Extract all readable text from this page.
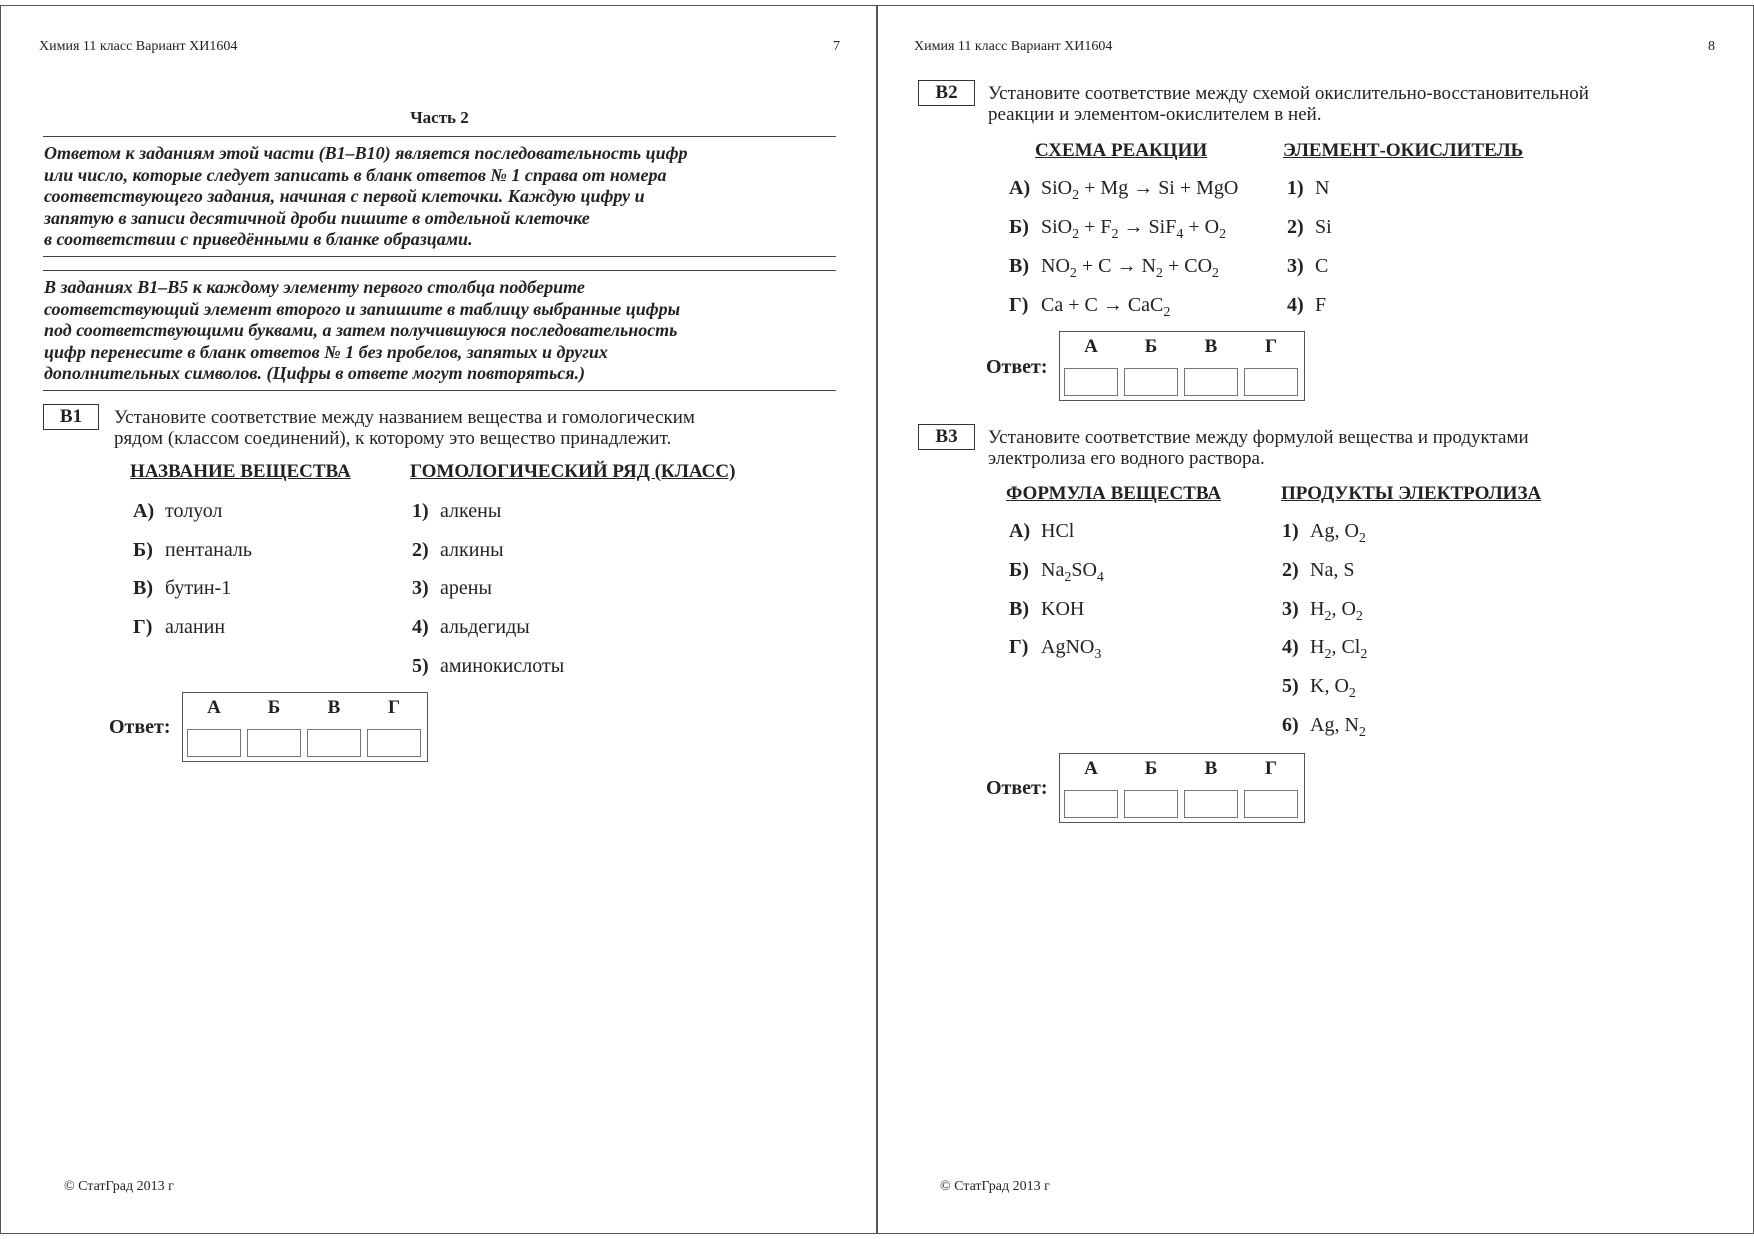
Химия 11 класс Вариант ХИ1604	7
Часть 2
Ответом к заданиям этой части (В1–В10) является последовательность цифр
или число, которые следует записать в бланк ответов № 1 справа от номера
соответствующего задания, начиная с первой клеточки. Каждую цифру и
запятую в записи десятичной дроби пишите в отдельной клеточке
в соответствии с приведёнными в бланке образцами.
В заданиях В1–В5 к каждому элементу первого столбца подберите
соответствующий элемент второго и запишите в таблицу выбранные цифры
под соответствующими буквами, а затем получившуюся последовательность
цифр перенесите в бланк ответов № 1 без пробелов, запятых и других
дополнительных символов. (Цифры в ответе могут повторяться.)
В1	Установите соответствие между названием вещества и гомологическим
рядом (классом соединений), к которому это вещество принадлежит.
НАЗВАНИЕ ВЕЩЕСТВА	ГОМОЛОГИЧЕСКИЙ РЯД (КЛАСС)
А) толуол
Б) пентаналь
В) бутин-1
Г) аланин
1) алкены
2) алкины
3) арены
4) альдегиды
5) аминокислоты
Ответ:
А	Б	В	Г
© СтатГрад 2013 г
Химия 11 класс Вариант ХИ1604	8
В2	Установите соответствие между схемой окислительно-восстановительной
реакции и элементом-окислителем в ней.
СХЕМА РЕАКЦИИ	ЭЛЕМЕНТ-ОКИСЛИТЕЛЬ
А) SiO$_2$ + Mg → Si + MgO
Б) $SiO_2 + F_2 \to SiF_4 + O_2$
В) $NO_2 + C \to N_2 + CO_2$
Г) Ca + C → CaC$_2$
1) N
2) Si
3) C
4) F
Ответ:
А	Б	В	Г
В3	Установите соответствие между формулой вещества и продуктами
электролиза его водного раствора.
ФОРМУЛА ВЕЩЕСТВА	ПРОДУКТЫ ЭЛЕКТРОЛИЗА
А) HCl
Б) $Na_2SO_4$
В) KOH
Г) AgNO$_3$
1) Ag, $O_2$
2) Na, S
3) $H_2$, $O_2$
4) $H_2$, $Cl_2$
5) K, $O_2$
6) Ag, $N_2$
Ответ:
А	Б	В	Г
© СтатГрад 2013 г
